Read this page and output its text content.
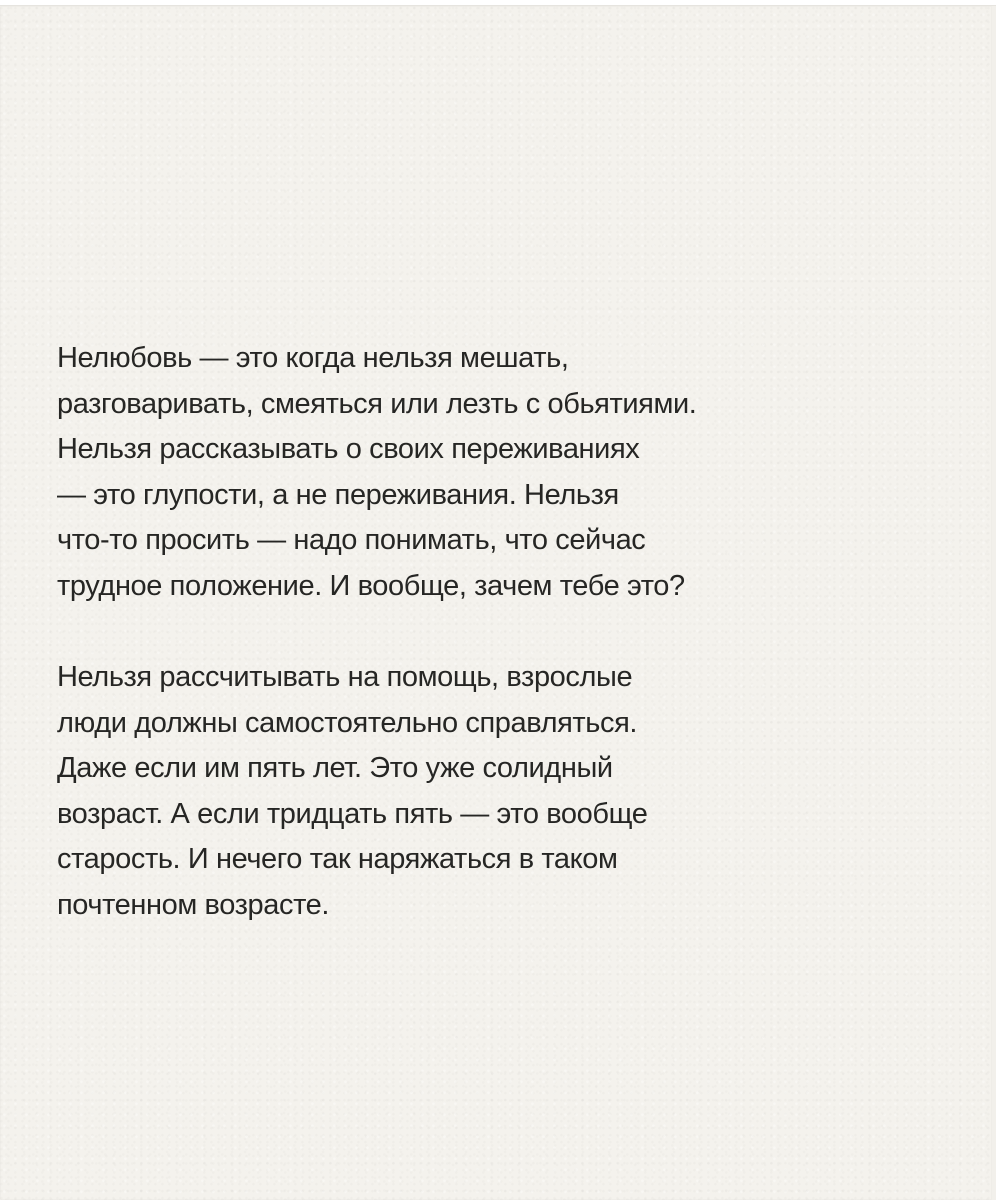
Нелюбовь — это когда нельзя мешать,
разговаривать, смеяться или лезть с обьятиями.
Нельзя рассказывать о своих переживаниях
— это глупости, а не переживания. Нельзя
что-то просить — надо понимать, что сейчас
трудное положение. И вообще, зачем тебе это?
Нельзя рассчитывать на помощь, взрослые
люди должны самостоятельно справляться.
Даже если им пять лет. Это уже солидный
возраст. А если тридцать пять — это вообще
старость. И нечего так наряжаться в таком
почтенном возрасте.
